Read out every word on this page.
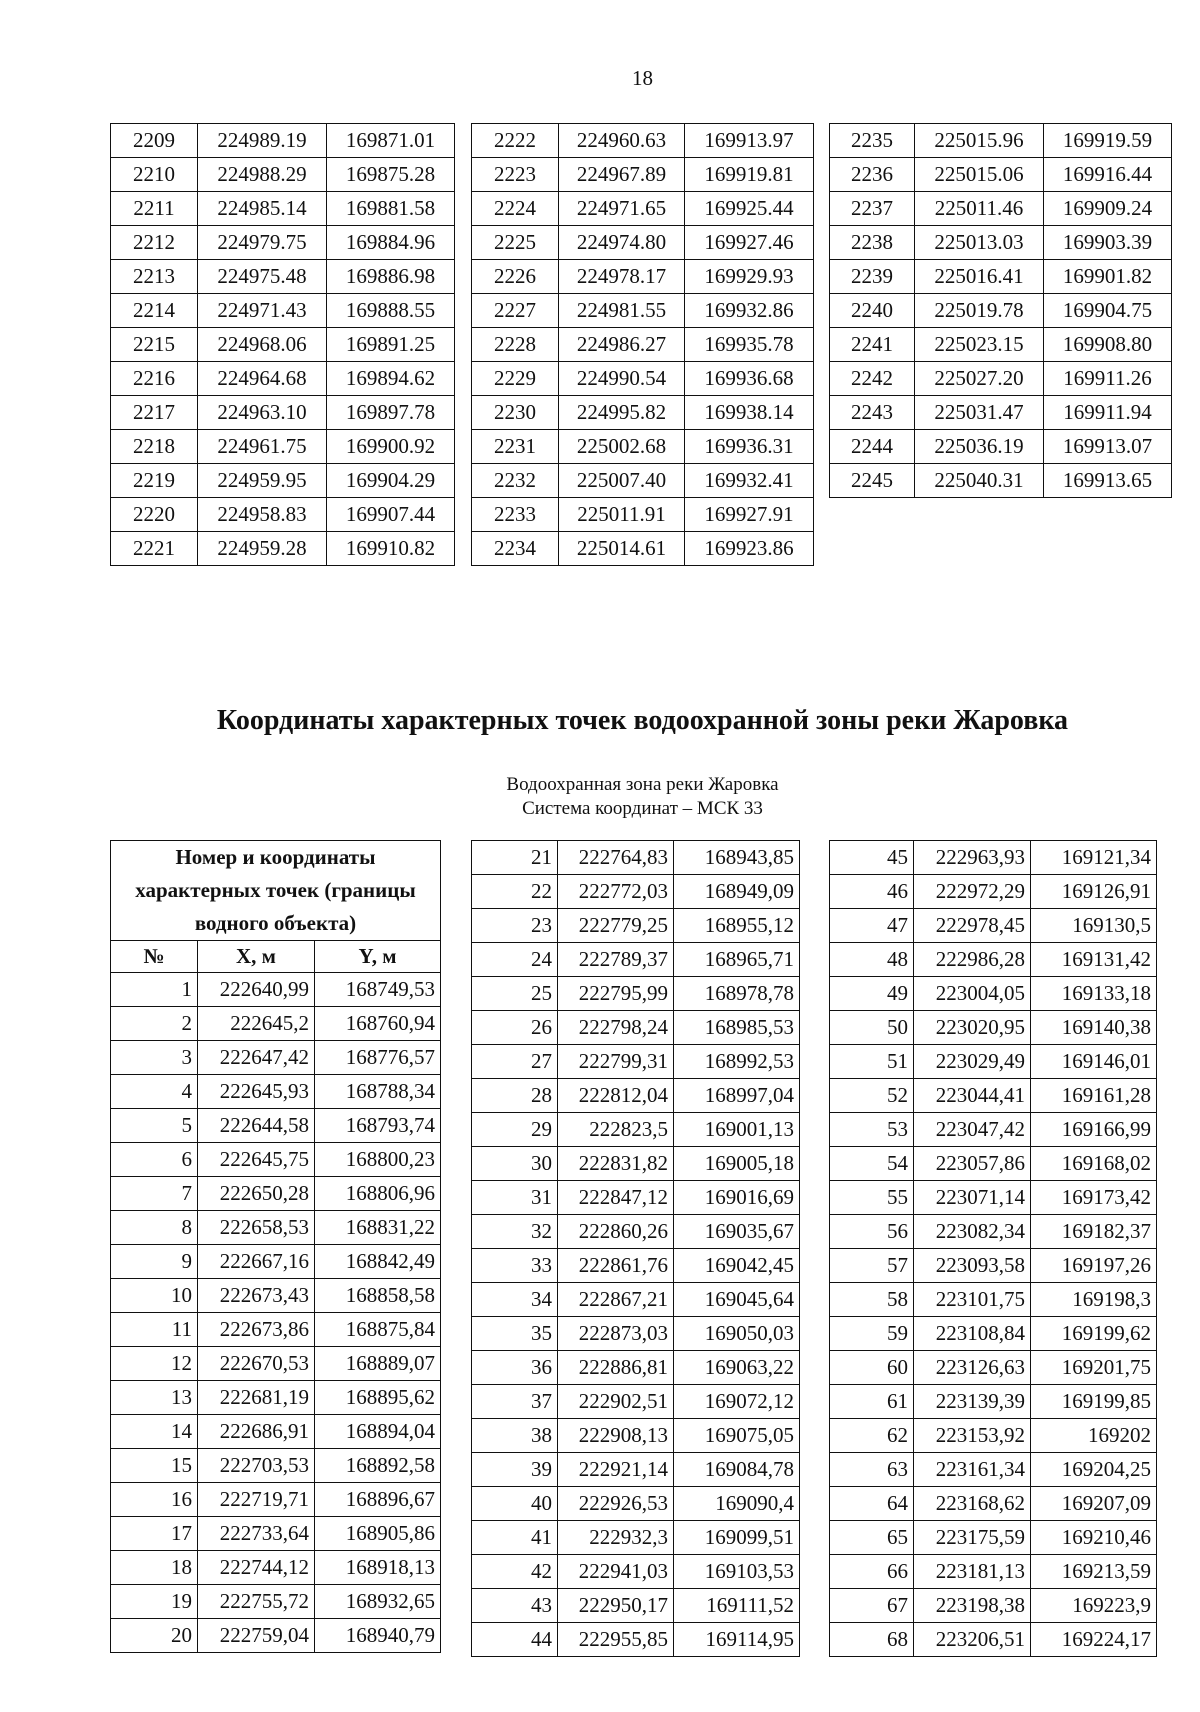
18
2209	224989.19	169871.01
2210	224988.29	169875.28
2211	224985.14	169881.58
2212	224979.75	169884.96
2213	224975.48	169886.98
2214	224971.43	169888.55
2215	224968.06	169891.25
2216	224964.68	169894.62
2217	224963.10	169897.78
2218	224961.75	169900.92
2219	224959.95	169904.29
2220	224958.83	169907.44
2221	224959.28	169910.82
2222	224960.63	169913.97
2223	224967.89	169919.81
2224	224971.65	169925.44
2225	224974.80	169927.46
2226	224978.17	169929.93
2227	224981.55	169932.86
2228	224986.27	169935.78
2229	224990.54	169936.68
2230	224995.82	169938.14
2231	225002.68	169936.31
2232	225007.40	169932.41
2233	225011.91	169927.91
2234	225014.61	169923.86
2235	225015.96	169919.59
2236	225015.06	169916.44
2237	225011.46	169909.24
2238	225013.03	169903.39
2239	225016.41	169901.82
2240	225019.78	169904.75
2241	225023.15	169908.80
2242	225027.20	169911.26
2243	225031.47	169911.94
2244	225036.19	169913.07
2245	225040.31	169913.65
Координаты характерных точек водоохранной зоны реки Жаровка
Водоохранная зона реки Жаровка
Система координат – МСК 33
Номер и координаты характерных точек (границы водного объекта)		
№	X, м	Y, м
1	222640,99	168749,53
2	222645,2	168760,94
3	222647,42	168776,57
4	222645,93	168788,34
5	222644,58	168793,74
6	222645,75	168800,23
7	222650,28	168806,96
8	222658,53	168831,22
9	222667,16	168842,49
10	222673,43	168858,58
11	222673,86	168875,84
12	222670,53	168889,07
13	222681,19	168895,62
14	222686,91	168894,04
15	222703,53	168892,58
16	222719,71	168896,67
17	222733,64	168905,86
18	222744,12	168918,13
19	222755,72	168932,65
20	222759,04	168940,79
21	222764,83	168943,85
22	222772,03	168949,09
23	222779,25	168955,12
24	222789,37	168965,71
25	222795,99	168978,78
26	222798,24	168985,53
27	222799,31	168992,53
28	222812,04	168997,04
29	222823,5	169001,13
30	222831,82	169005,18
31	222847,12	169016,69
32	222860,26	169035,67
33	222861,76	169042,45
34	222867,21	169045,64
35	222873,03	169050,03
36	222886,81	169063,22
37	222902,51	169072,12
38	222908,13	169075,05
39	222921,14	169084,78
40	222926,53	169090,4
41	222932,3	169099,51
42	222941,03	169103,53
43	222950,17	169111,52
44	222955,85	169114,95
45	222963,93	169121,34
46	222972,29	169126,91
47	222978,45	169130,5
48	222986,28	169131,42
49	223004,05	169133,18
50	223020,95	169140,38
51	223029,49	169146,01
52	223044,41	169161,28
53	223047,42	169166,99
54	223057,86	169168,02
55	223071,14	169173,42
56	223082,34	169182,37
57	223093,58	169197,26
58	223101,75	169198,3
59	223108,84	169199,62
60	223126,63	169201,75
61	223139,39	169199,85
62	223153,92	169202
63	223161,34	169204,25
64	223168,62	169207,09
65	223175,59	169210,46
66	223181,13	169213,59
67	223198,38	169223,9
68	223206,51	169224,17
